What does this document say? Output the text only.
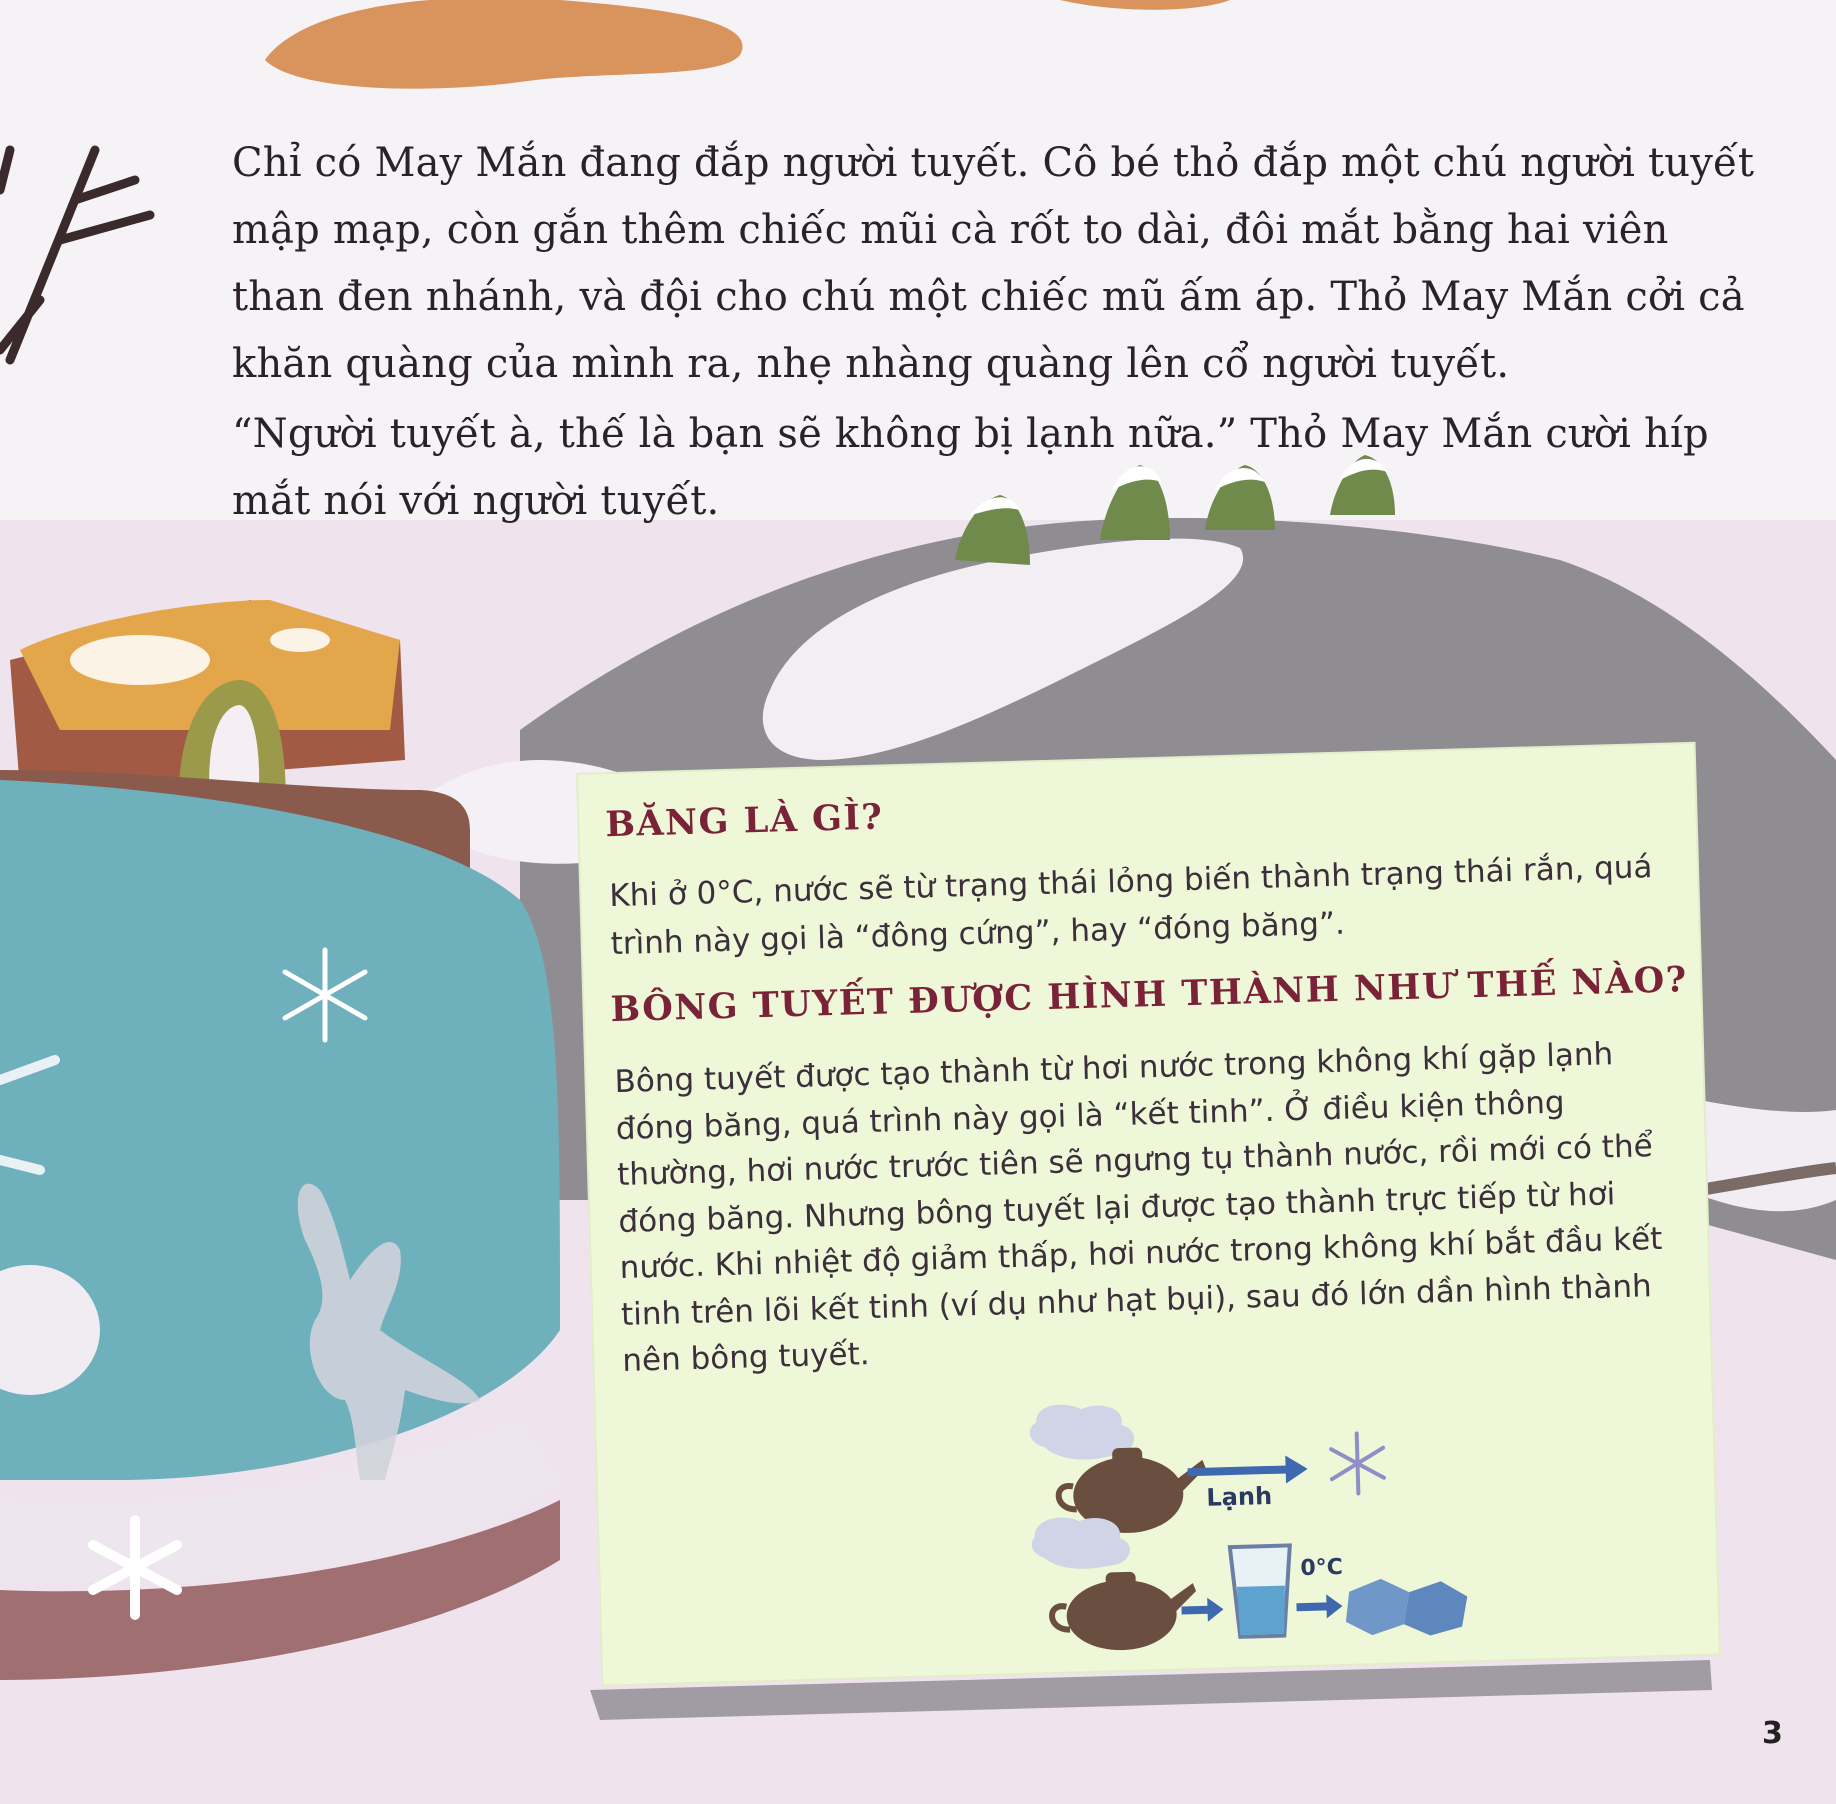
Chỉ có May Mắn đang đắp người tuyết. Cô bé thỏ đắp một chú người tuyết mập mạp, còn gắn thêm chiếc mũi cà rốt to dài, đôi mắt bằng hai viên than đen nhánh, và đội cho chú một chiếc mũ ấm áp. Thỏ May Mắn cởi cả khăn quàng của mình ra, nhẹ nhàng quàng lên cổ người tuyết.

“Người tuyết à, thế là bạn sẽ không bị lạnh nữa.” Thỏ May Mắn cười híp mắt nói với người tuyết.

BĂNG LÀ GÌ?
Khi ở 0°C, nước sẽ từ trạng thái lỏng biến thành trạng thái rắn, quá trình này gọi là “đông cứng”, hay “đóng băng”.
BÔNG TUYẾT ĐƯỢC HÌNH THÀNH NHƯ THẾ NÀO?
Bông tuyết được tạo thành từ hơi nước trong không khí gặp lạnh đóng băng, quá trình này gọi là “kết tinh”. Ở điều kiện thông thường, hơi nước trước tiên sẽ ngưng tụ thành nước, rồi mới có thể đóng băng. Nhưng bông tuyết lại được tạo thành trực tiếp từ hơi nước. Khi nhiệt độ giảm thấp, hơi nước trong không khí bắt đầu kết tinh trên lõi kết tinh (ví dụ như hạt bụi), sau đó lớn dần hình thành nên bông tuyết.
Lạnh
0°C
3
